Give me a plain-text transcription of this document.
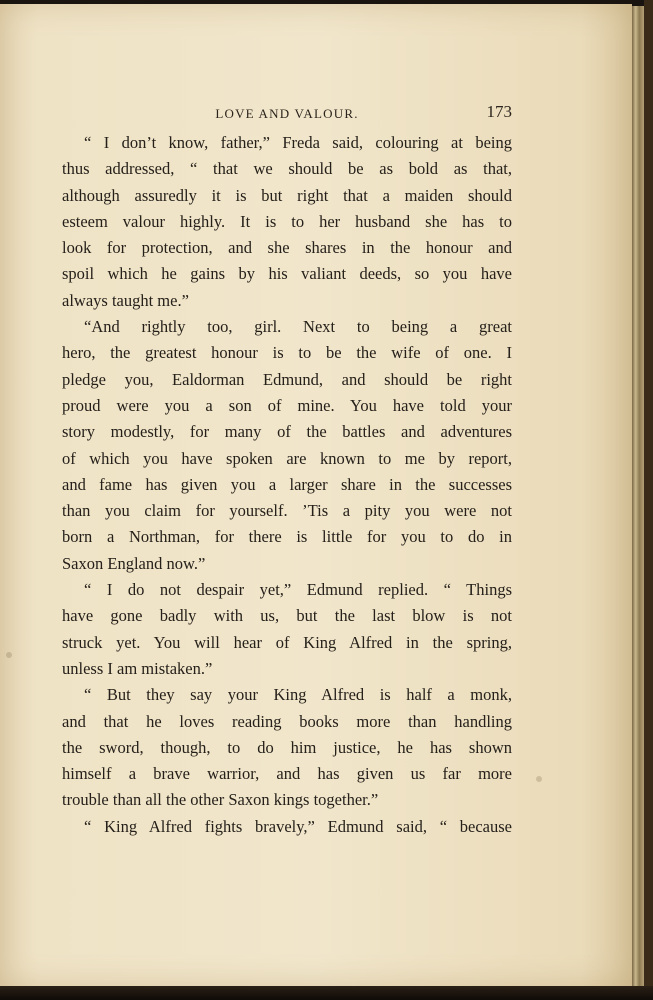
LOVE AND VALOUR.	173
“ I don’t know, father,” Freda said, colouring at being
thus addressed, “ that we should be as bold as that,
although assuredly it is but right that a maiden should
esteem valour highly. It is to her husband she has to
look for protection, and she shares in the honour and
spoil which he gains by his valiant deeds, so you have
always taught me.”
“And rightly too, girl. Next to being a great
hero, the greatest honour is to be the wife of one. I
pledge you, Ealdorman Edmund, and should be right
proud were you a son of mine. You have told your
story modestly, for many of the battles and adventures
of which you have spoken are known to me by report,
and fame has given you a larger share in the successes
than you claim for yourself. ’Tis a pity you were not
born a Northman, for there is little for you to do in
Saxon England now.”
“ I do not despair yet,” Edmund replied. “ Things
have gone badly with us, but the last blow is not
struck yet. You will hear of King Alfred in the spring,
unless I am mistaken.”
“ But they say your King Alfred is half a monk,
and that he loves reading books more than handling
the sword, though, to do him justice, he has shown
himself a brave warrior, and has given us far more
trouble than all the other Saxon kings together.”
“ King Alfred fights bravely,” Edmund said, “ because
